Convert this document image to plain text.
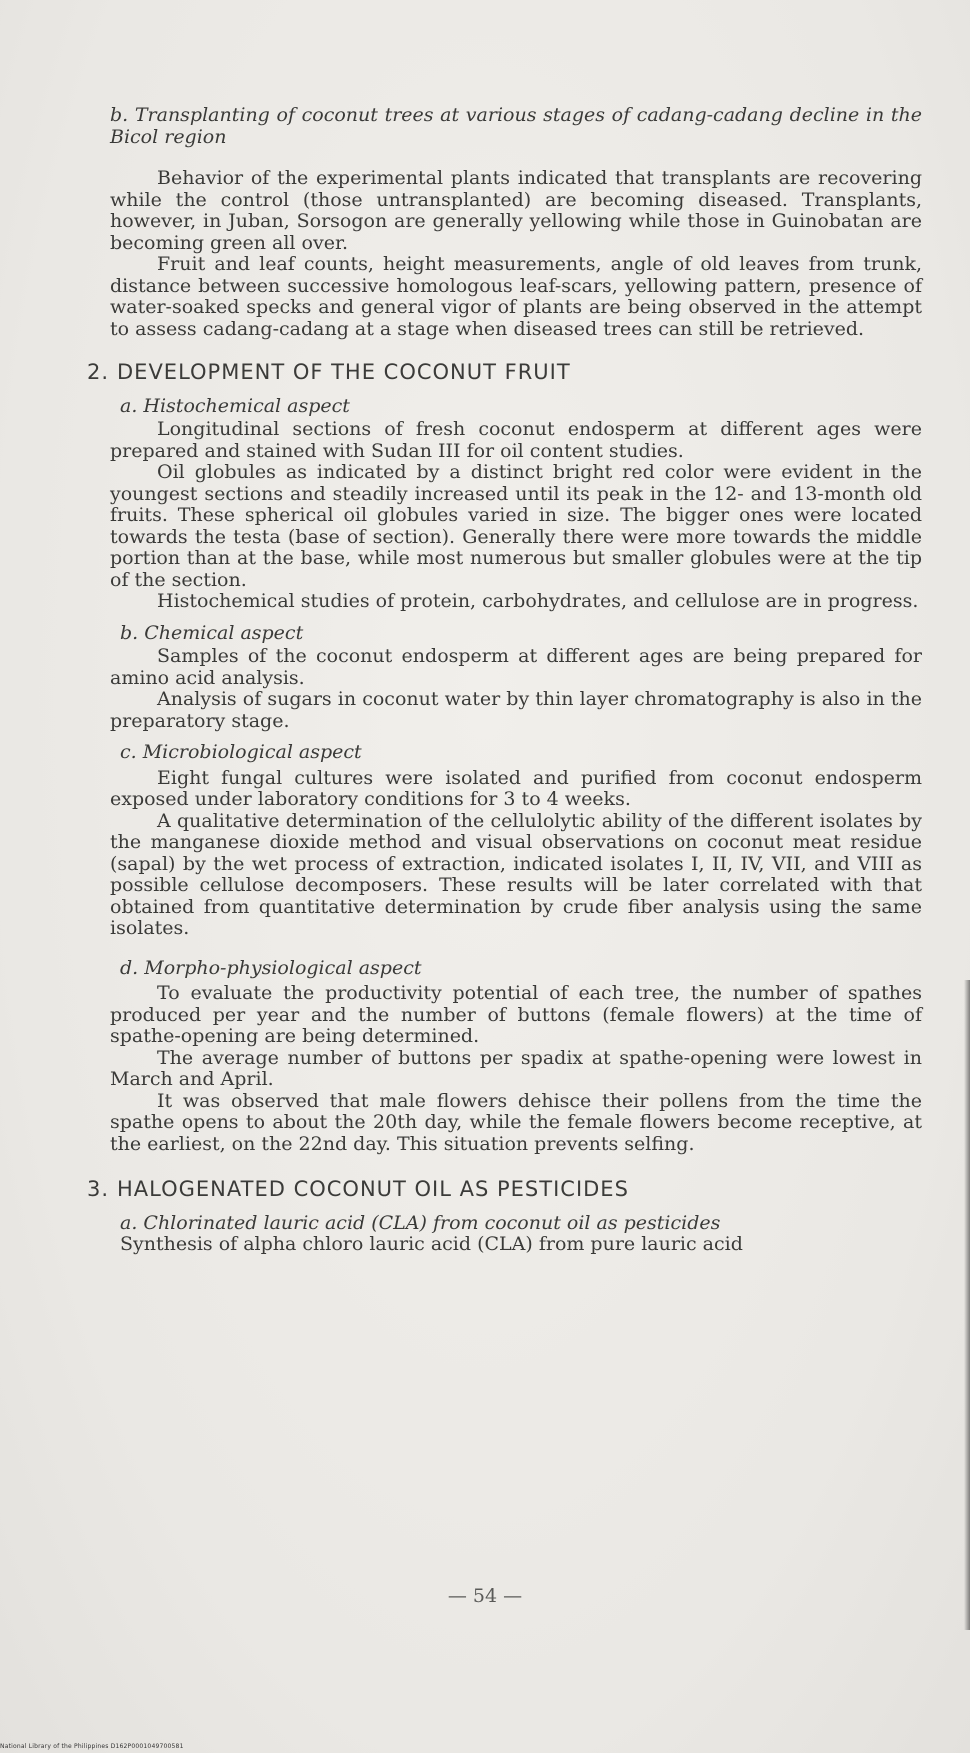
b. Transplanting of coconut trees at various stages of cadang-cadang decline in the Bicol region

Behavior of the experimental plants indicated that transplants are recovering while the control (those untransplanted) are becoming diseased. Transplants, however, in Juban, Sorsogon are generally yellowing while those in Guinobatan are becoming green all over.

Fruit and leaf counts, height measurements, angle of old leaves from trunk, distance between successive homologous leaf-scars, yellowing pattern, presence of water-soaked specks and general vigor of plants are being observed in the attempt to assess cadang-cadang at a stage when diseased trees can still be retrieved.

2. DEVELOPMENT OF THE COCONUT FRUIT

a. Histochemical aspect

Longitudinal sections of fresh coconut endosperm at different ages were prepared and stained with Sudan III for oil content studies.

Oil globules as indicated by a distinct bright red color were evident in the youngest sections and steadily increased until its peak in the 12- and 13-month old fruits. These spherical oil globules varied in size. The bigger ones were located towards the testa (base of section). Generally there were more towards the middle portion than at the base, while most numerous but smaller globules were at the tip of the section.

Histochemical studies of protein, carbohydrates, and cellulose are in progress.

b. Chemical aspect

Samples of the coconut endosperm at different ages are being prepared for amino acid analysis.

Analysis of sugars in coconut water by thin layer chromatography is also in the preparatory stage.

c. Microbiological aspect

Eight fungal cultures were isolated and purified from coconut endosperm exposed under laboratory conditions for 3 to 4 weeks.

A qualitative determination of the cellulolytic ability of the different isolates by the manganese dioxide method and visual observations on coconut meat residue (sapal) by the wet process of extraction, indicated isolates I, II, IV, VII, and VIII as possible cellulose decomposers. These results will be later correlated with that obtained from quantitative determination by crude fiber analysis using the same isolates.

d. Morpho-physiological aspect

To evaluate the productivity potential of each tree, the number of spathes produced per year and the number of buttons (female flowers) at the time of spathe-opening are being determined.

The average number of buttons per spadix at spathe-opening were lowest in March and April.

It was observed that male flowers dehisce their pollens from the time the spathe opens to about the 20th day, while the female flowers become receptive, at the earliest, on the 22nd day. This situation prevents selfing.

3. HALOGENATED COCONUT OIL AS PESTICIDES

a. Chlorinated lauric acid (CLA) from coconut oil as pesticides

Synthesis of alpha chloro lauric acid (CLA) from pure lauric acid

— 54 —
National Library of the Philippines D162P0001049700581
